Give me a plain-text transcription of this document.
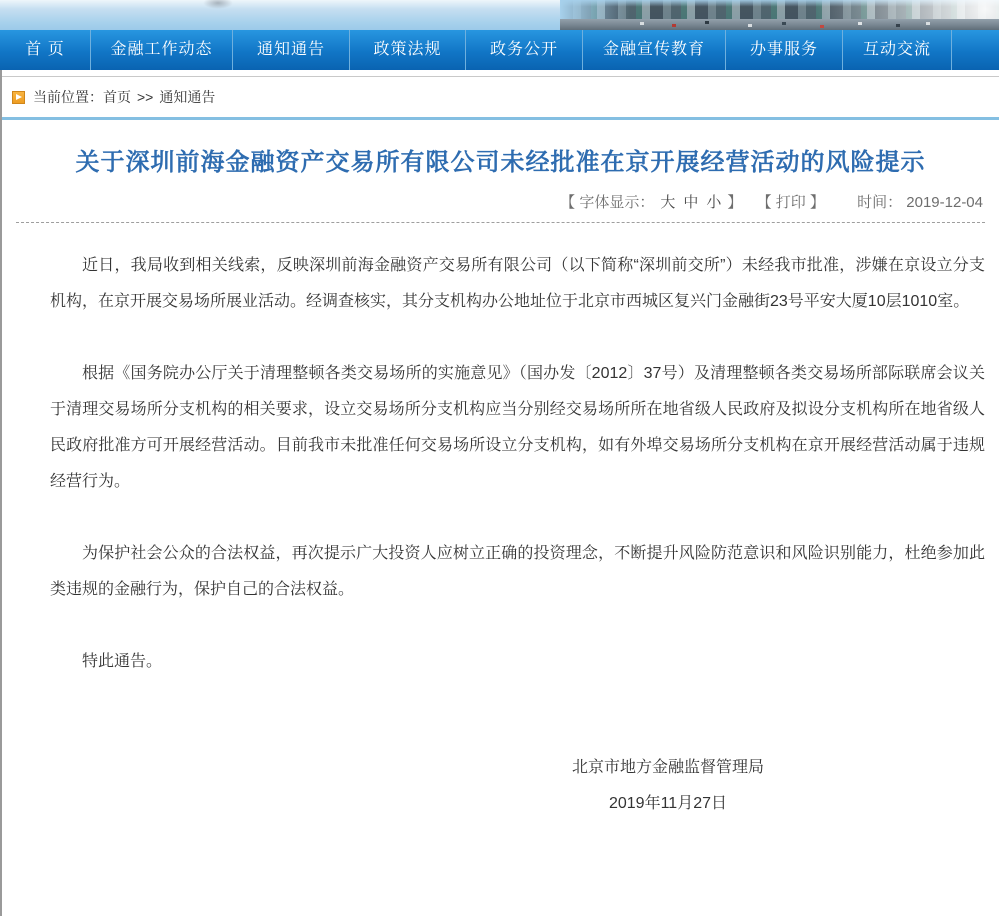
首 页	金融工作动态	通知通告	政策法规	政务公开	金融宣传教育	办事服务	互动交流
当前位置： 首页 >> 通知通告
关于深圳前海金融资产交易所有限公司未经批准在京开展经营活动的风险提示
【 字体显示： 大 中 小 】 【 打印 】 时间： 2019-12-04

近日，我局收到相关线索，反映深圳前海金融资产交易所有限公司（以下简称“深圳前交所”）未经我市批准，涉嫌在京设立分支机构，在京开展交易场所展业活动。经调查核实，其分支机构办公地址位于北京市西城区复兴门金融街23号平安大厦10层1010室。

根据《国务院办公厅关于清理整顿各类交易场所的实施意见》（国办发〔2012〕37号）及清理整顿各类交易场所部际联席会议关于清理交易场所分支机构的相关要求，设立交易场所分支机构应当分别经交易场所所在地省级人民政府及拟设分支机构所在地省级人民政府批准方可开展经营活动。目前我市未批准任何交易场所设立分支机构，如有外埠交易场所分支机构在京开展经营活动属于违规经营行为。

为保护社会公众的合法权益，再次提示广大投资人应树立正确的投资理念，不断提升风险防范意识和风险识别能力，杜绝参加此类违规的金融行为，保护自己的合法权益。

特此通告。

北京市地方金融监督管理局
2019年11月27日
